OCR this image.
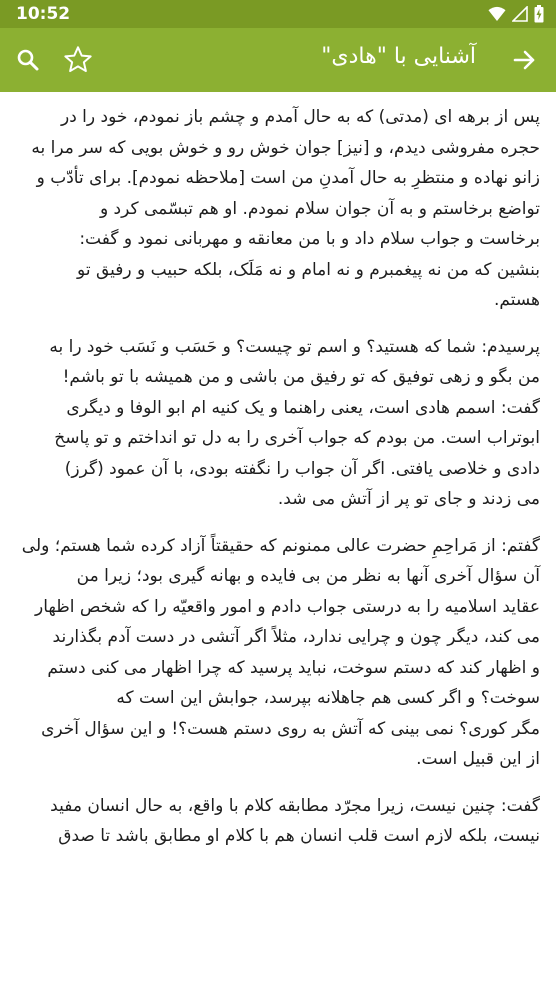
10:52
آشنایی با "هادی"

پس از برهه ای (مدتی) که به حال آمدم و چشم باز نمودم، خود را در
حجره مفروشی دیدم، و [نیز] جوان خوش رو و خوش بویی که سر مرا به
زانو نهاده و منتظرِ به حال آمدنِ من است [ملاحظه نمودم]. برای تأدّب و
تواضع برخاستم و به آن جوان سلام نمودم. او هم تبسّمی کرد و
برخاست و جواب سلام داد و با من معانقه و مهربانی نمود و گفت:
بنشین که من نه پیغمبرم و نه امام و نه مَلَک، بلکه حبیب و رفیق تو
هستم.

پرسیدم: شما که هستید؟ و اسم تو چیست؟ و حَسَب و نَسَب خود را به
من بگو و زهی توفیق که تو رفیق من باشی و من همیشه با تو باشم!
گفت: اسمم هادی است، یعنی راهنما و یک کنیه ام ابو الوفا و دیگری
ابوتراب است. من بودم که جواب آخری را به دل تو انداختم و تو پاسخ
دادی و خلاصی یافتی. اگر آن جواب را نگفته بودی، با آن عمود (گرز)
می زدند و جای تو پر از آتش می شد.

گفتم: از مَراحِمِ حضرت عالی ممنونم که حقیقتاً آزاد کرده شما هستم؛ ولی
آن سؤال آخری آنها به نظر من بی فایده و بهانه گیری بود؛ زیرا من
عقاید اسلامیه را به درستی جواب دادم و امور واقعیّه را که شخص اظهار
می کند، دیگر چون و چرایی ندارد، مثلاً اگر آتشی در دست آدم بگذارند
و اظهار کند که دستم سوخت، نباید پرسید که چرا اظهار می کنی دستم
سوخت؟ و اگر کسی هم جاهلانه بپرسد، جوابش این است که
مگر کوری؟ نمی بینی که آتش به روی دستم هست؟! و این سؤال آخری
از این قبیل است.

گفت: چنین نیست، زیرا مجرّد مطابقه کلام با واقع، به حال انسان مفید
نیست، بلکه لازم است قلب انسان هم با کلام او مطابق باشد تا صدق
